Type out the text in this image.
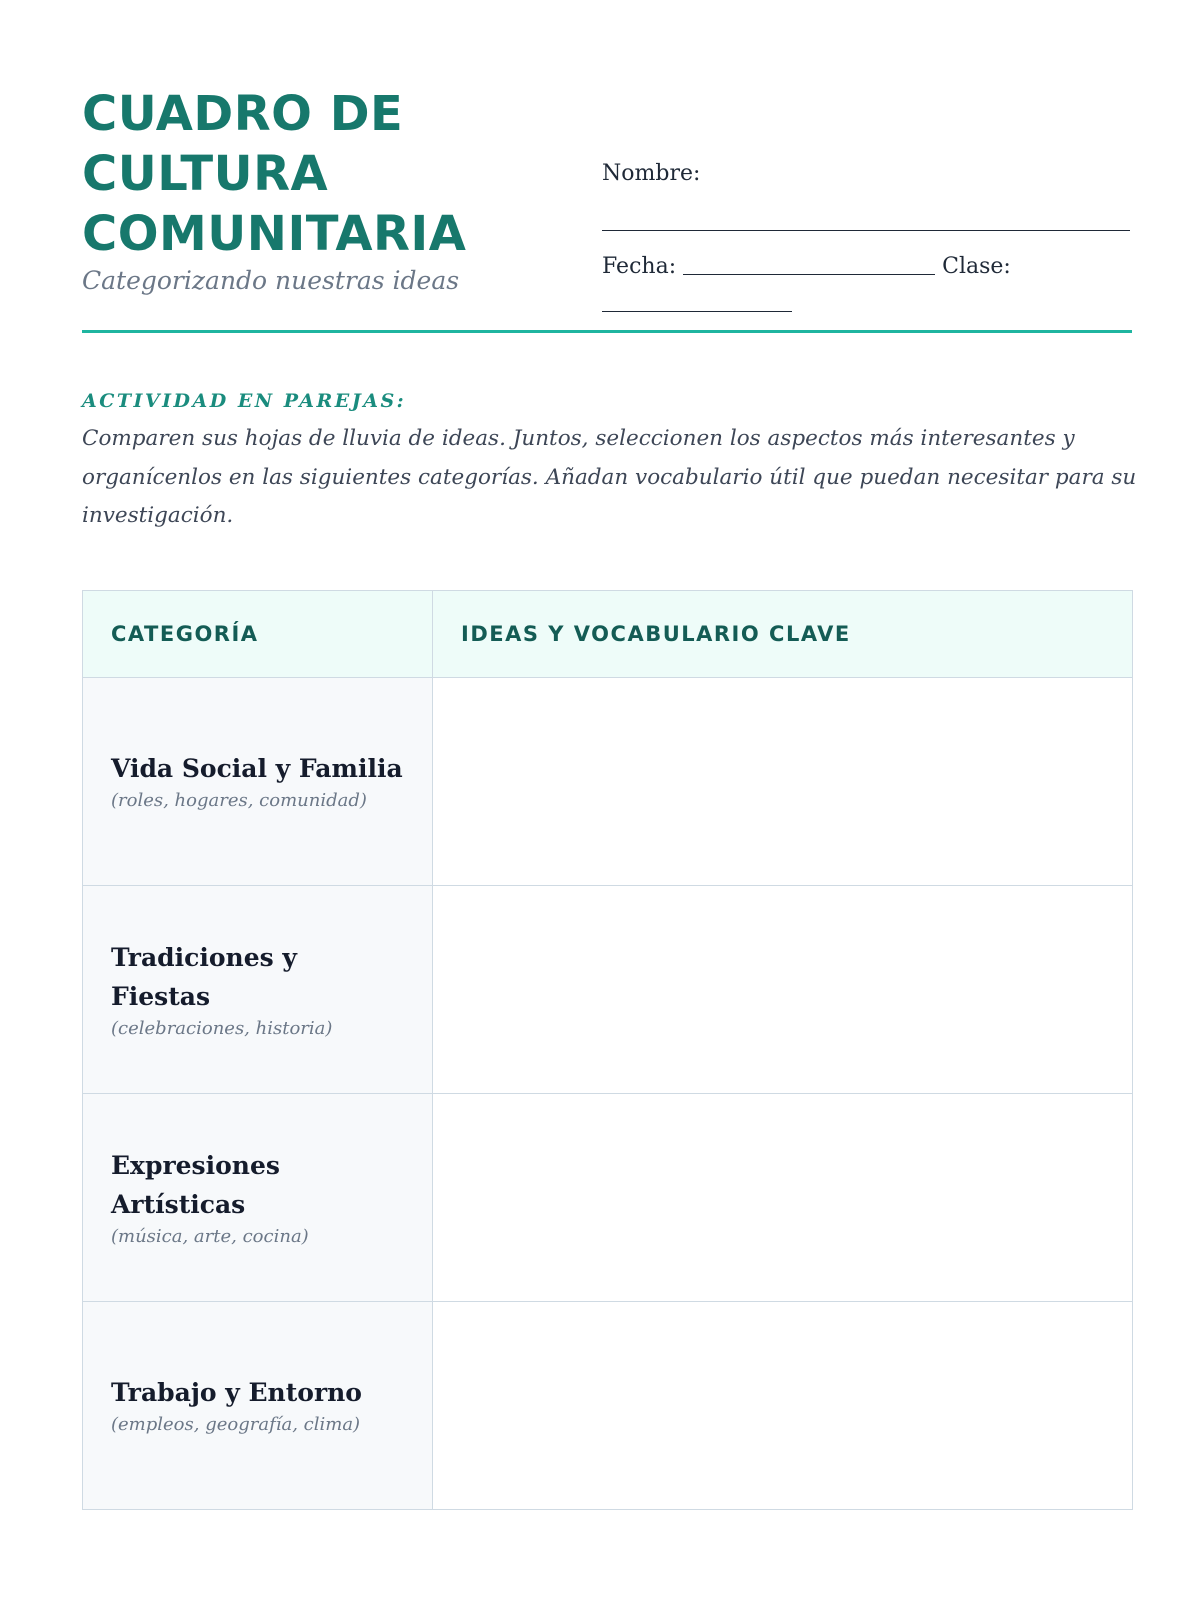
CUADRO DE
CULTURA
COMUNITARIA
Categorizando nuestras ideas
Nombre:
Fecha:	Clase:
ACTIVIDAD EN PAREJAS:

Comparen sus hojas de lluvia de ideas. Juntos, seleccionen los aspectos más interesantes y organícenlos en las siguientes categorías. Añadan vocabulario útil que puedan necesitar para su investigación.

CATEGORÍA	IDEAS Y VOCABULARIO CLAVE

Vida Social y Familia
(roles, hogares, comunidad)	

Tradiciones y Fiestas
(celebraciones, historia)	

Expresiones Artísticas
(música, arte, cocina)	

Trabajo y Entorno
(empleos, geografía, clima)	
